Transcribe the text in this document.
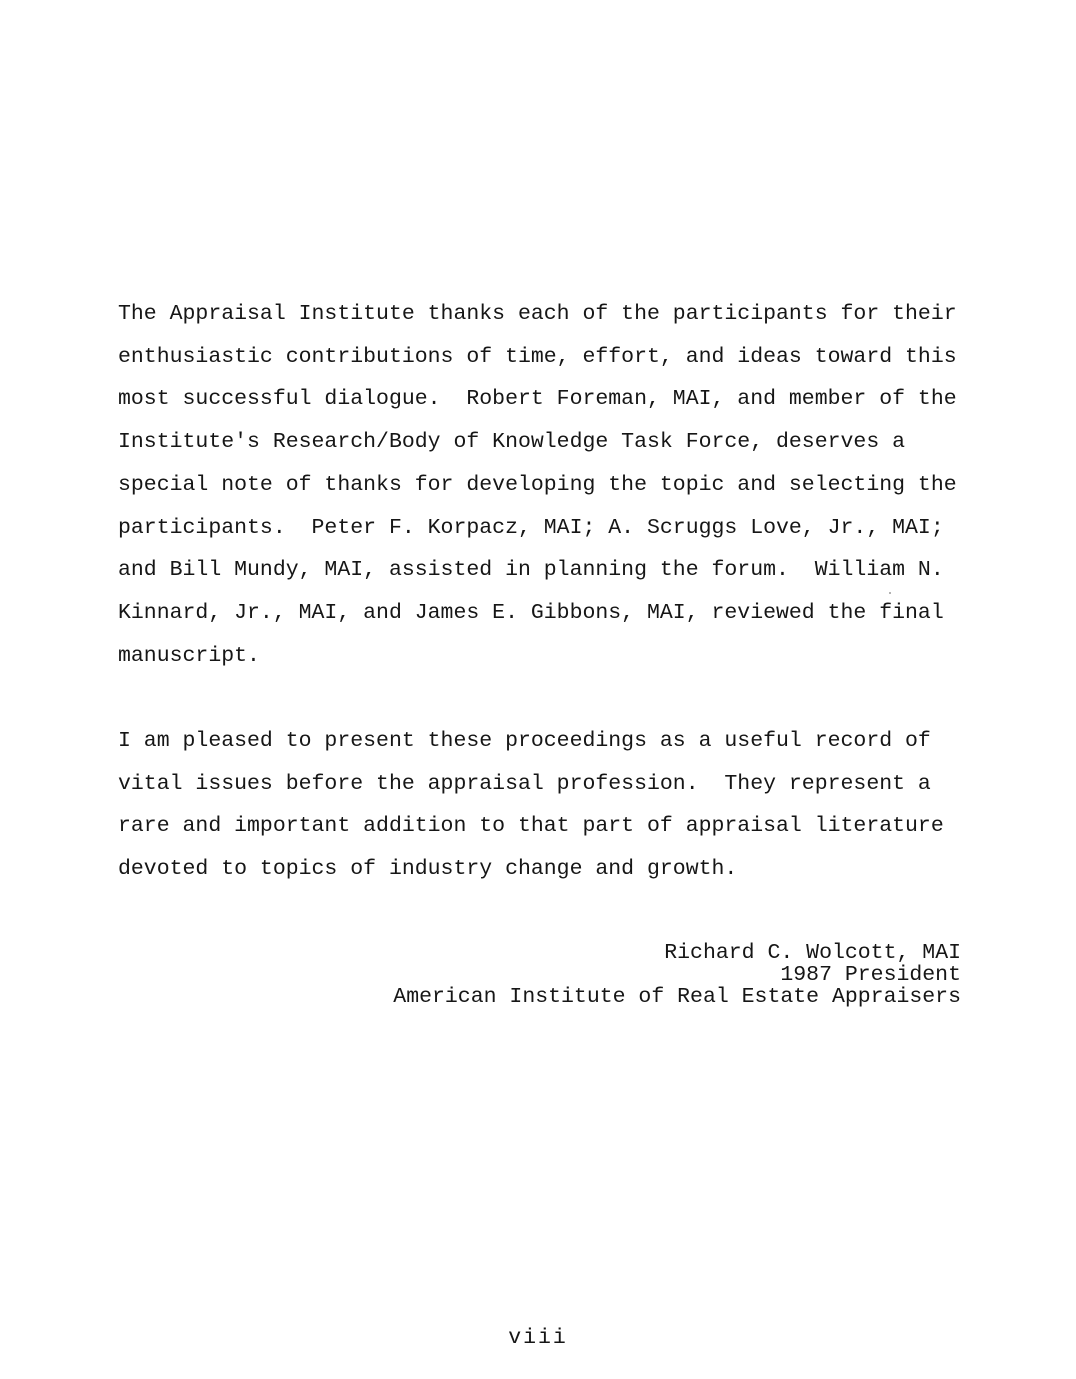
The Appraisal Institute thanks each of the participants for their
enthusiastic contributions of time, effort, and ideas toward this
most successful dialogue.  Robert Foreman, MAI, and member of the
Institute's Research/Body of Knowledge Task Force, deserves a
special note of thanks for developing the topic and selecting the
participants.  Peter F. Korpacz, MAI; A. Scruggs Love, Jr., MAI;
and Bill Mundy, MAI, assisted in planning the forum.  William N.
Kinnard, Jr., MAI, and James E. Gibbons, MAI, reviewed the final
manuscript.
I am pleased to present these proceedings as a useful record of
vital issues before the appraisal profession.  They represent a
rare and important addition to that part of appraisal literature
devoted to topics of industry change and growth.
Richard C. Wolcott, MAI
1987 President
American Institute of Real Estate Appraisers
viii
